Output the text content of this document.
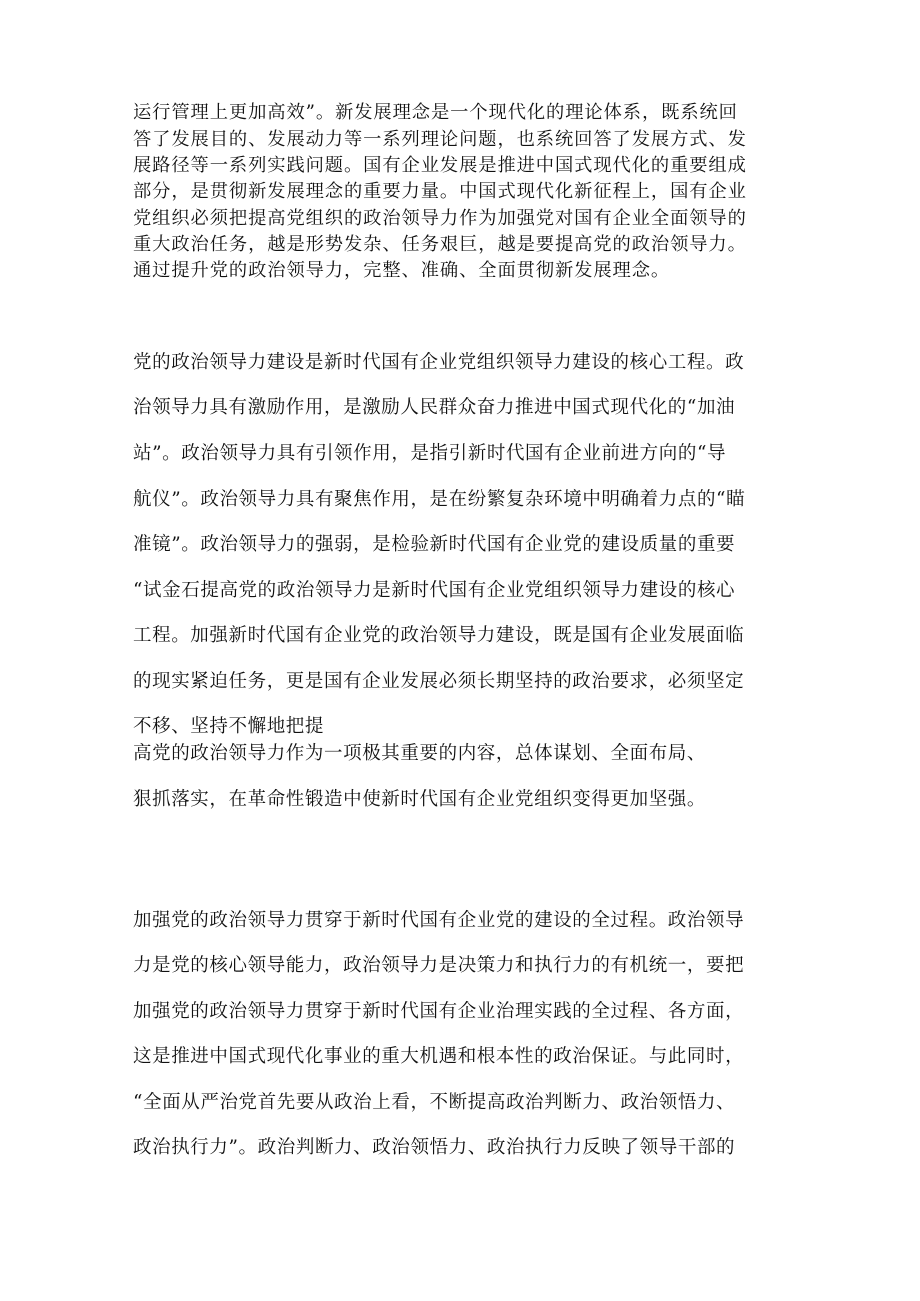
运行管理上更加高效”。新发展理念是一个现代化的理论体系，既系统回
答了发展目的、发展动力等一系列理论问题，也系统回答了发展方式、发
展路径等一系列实践问题。国有企业发展是推进中国式现代化的重要组成
部分，是贯彻新发展理念的重要力量。中国式现代化新征程上，国有企业
党组织必须把提高党组织的政治领导力作为加强党对国有企业全面领导的
重大政治任务，越是形势发杂、任务艰巨，越是要提高党的政治领导力。
通过提升党的政治领导力，完整、准确、全面贯彻新发展理念。
党的政治领导力建设是新时代国有企业党组织领导力建设的核心工程。政
治领导力具有激励作用，是激励人民群众奋力推进中国式现代化的“加油
站”。政治领导力具有引领作用，是指引新时代国有企业前进方向的“导
航仪”。政治领导力具有聚焦作用，是在纷繁复杂环境中明确着力点的“瞄
准镜”。政治领导力的强弱，是检验新时代国有企业党的建设质量的重要
“试金石提高党的政治领导力是新时代国有企业党组织领导力建设的核心
工程。加强新时代国有企业党的政治领导力建设，既是国有企业发展面临
的现实紧迫任务，更是国有企业发展必须长期坚持的政治要求，必须坚定
不移、坚持不懈地把提
高党的政治领导力作为一项极其重要的内容，总体谋划、全面布局、
狠抓落实，在革命性锻造中使新时代国有企业党组织变得更加坚强。
加强党的政治领导力贯穿于新时代国有企业党的建设的全过程。政治领导
力是党的核心领导能力，政治领导力是决策力和执行力的有机统一，要把
加强党的政治领导力贯穿于新时代国有企业治理实践的全过程、各方面，
这是推进中国式现代化事业的重大机遇和根本性的政治保证。与此同时，
“全面从严治党首先要从政治上看，不断提高政治判断力、政治领悟力、
政治执行力”。政治判断力、政治领悟力、政治执行力反映了领导干部的
